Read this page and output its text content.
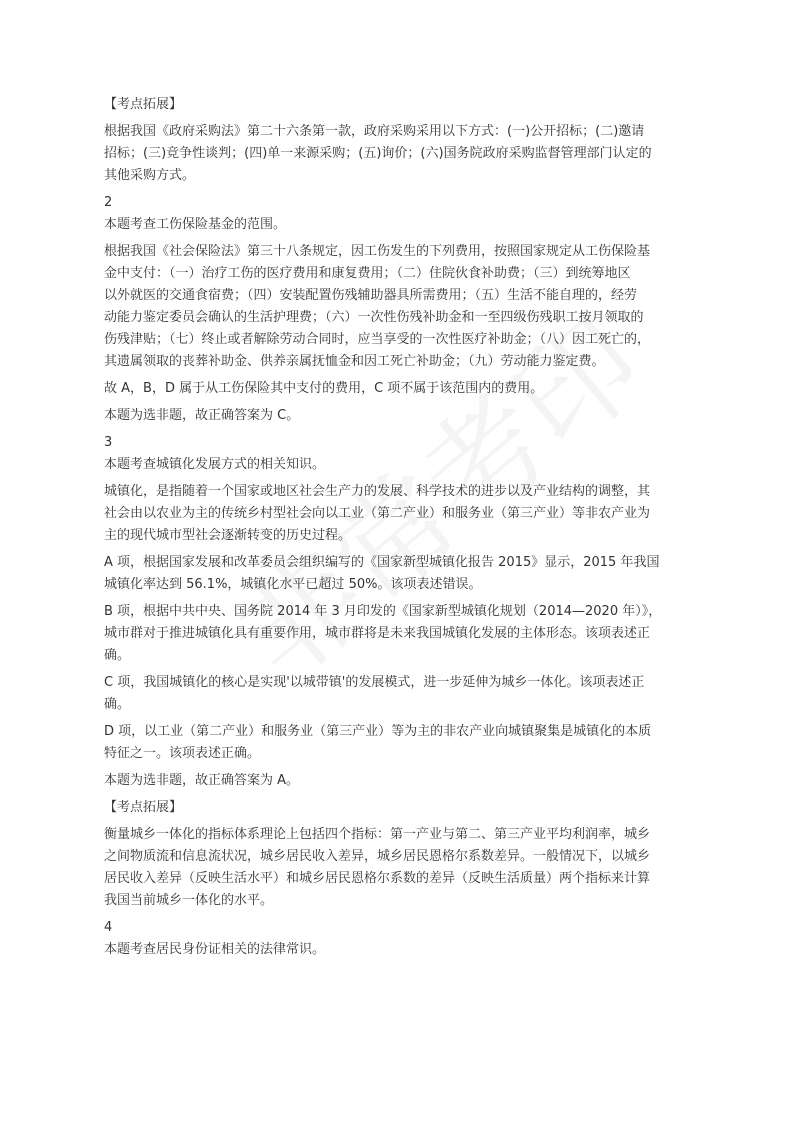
【考点拓展】
根据我国《政府采购法》第二十六条第一款，政府采购采用以下方式：(一)公开招标；(二)邀请
招标；(三)竞争性谈判；(四)单一来源采购；(五)询价；(六)国务院政府采购监督管理部门认定的
其他采购方式。
2
本题考查工伤保险基金的范围。
根据我国《社会保险法》第三十八条规定，因工伤发生的下列费用，按照国家规定从工伤保险基
金中支付：（一）治疗工伤的医疗费用和康复费用；（二）住院伙食补助费；（三）到统筹地区
以外就医的交通食宿费；（四）安装配置伤残辅助器具所需费用；（五）生活不能自理的，经劳
动能力鉴定委员会确认的生活护理费；（六）一次性伤残补助金和一至四级伤残职工按月领取的
伤残津贴；（七）终止或者解除劳动合同时，应当享受的一次性医疗补助金；（八）因工死亡的，
其遗属领取的丧葬补助金、供养亲属抚恤金和因工死亡补助金；（九）劳动能力鉴定费。
故 A，B，D 属于从工伤保险其中支付的费用，C 项不属于该范围内的费用。
本题为选非题，故正确答案为 C。
3
本题考查城镇化发展方式的相关知识。
城镇化，是指随着一个国家或地区社会生产力的发展、科学技术的进步以及产业结构的调整，其
社会由以农业为主的传统乡村型社会向以工业（第二产业）和服务业（第三产业）等非农产业为
主的现代城市型社会逐渐转变的历史过程。
A 项，根据国家发展和改革委员会组织编写的《国家新型城镇化报告 2015》显示，2015 年我国
城镇化率达到 56.1%，城镇化水平已超过 50%。该项表述错误。
B 项，根据中共中央、国务院 2014 年 3 月印发的《国家新型城镇化规划（2014—2020 年）》，
城市群对于推进城镇化具有重要作用，城市群将是未来我国城镇化发展的主体形态。该项表述正
确。
C 项，我国城镇化的核心是实现'以城带镇'的发展模式，进一步延伸为城乡一体化。该项表述正
确。
D 项，以工业（第二产业）和服务业（第三产业）等为主的非农产业向城镇聚集是城镇化的本质
特征之一。该项表述正确。
本题为选非题，故正确答案为 A。
【考点拓展】
衡量城乡一体化的指标体系理论上包括四个指标：第一产业与第二、第三产业平均利润率，城乡
之间物质流和信息流状况，城乡居民收入差异，城乡居民恩格尔系数差异。一般情况下，以城乡
居民收入差异（反映生活水平）和城乡居民恩格尔系数的差异（反映生活质量）两个指标来计算
我国当前城乡一体化的水平。
4
本题考查居民身份证相关的法律常识。
